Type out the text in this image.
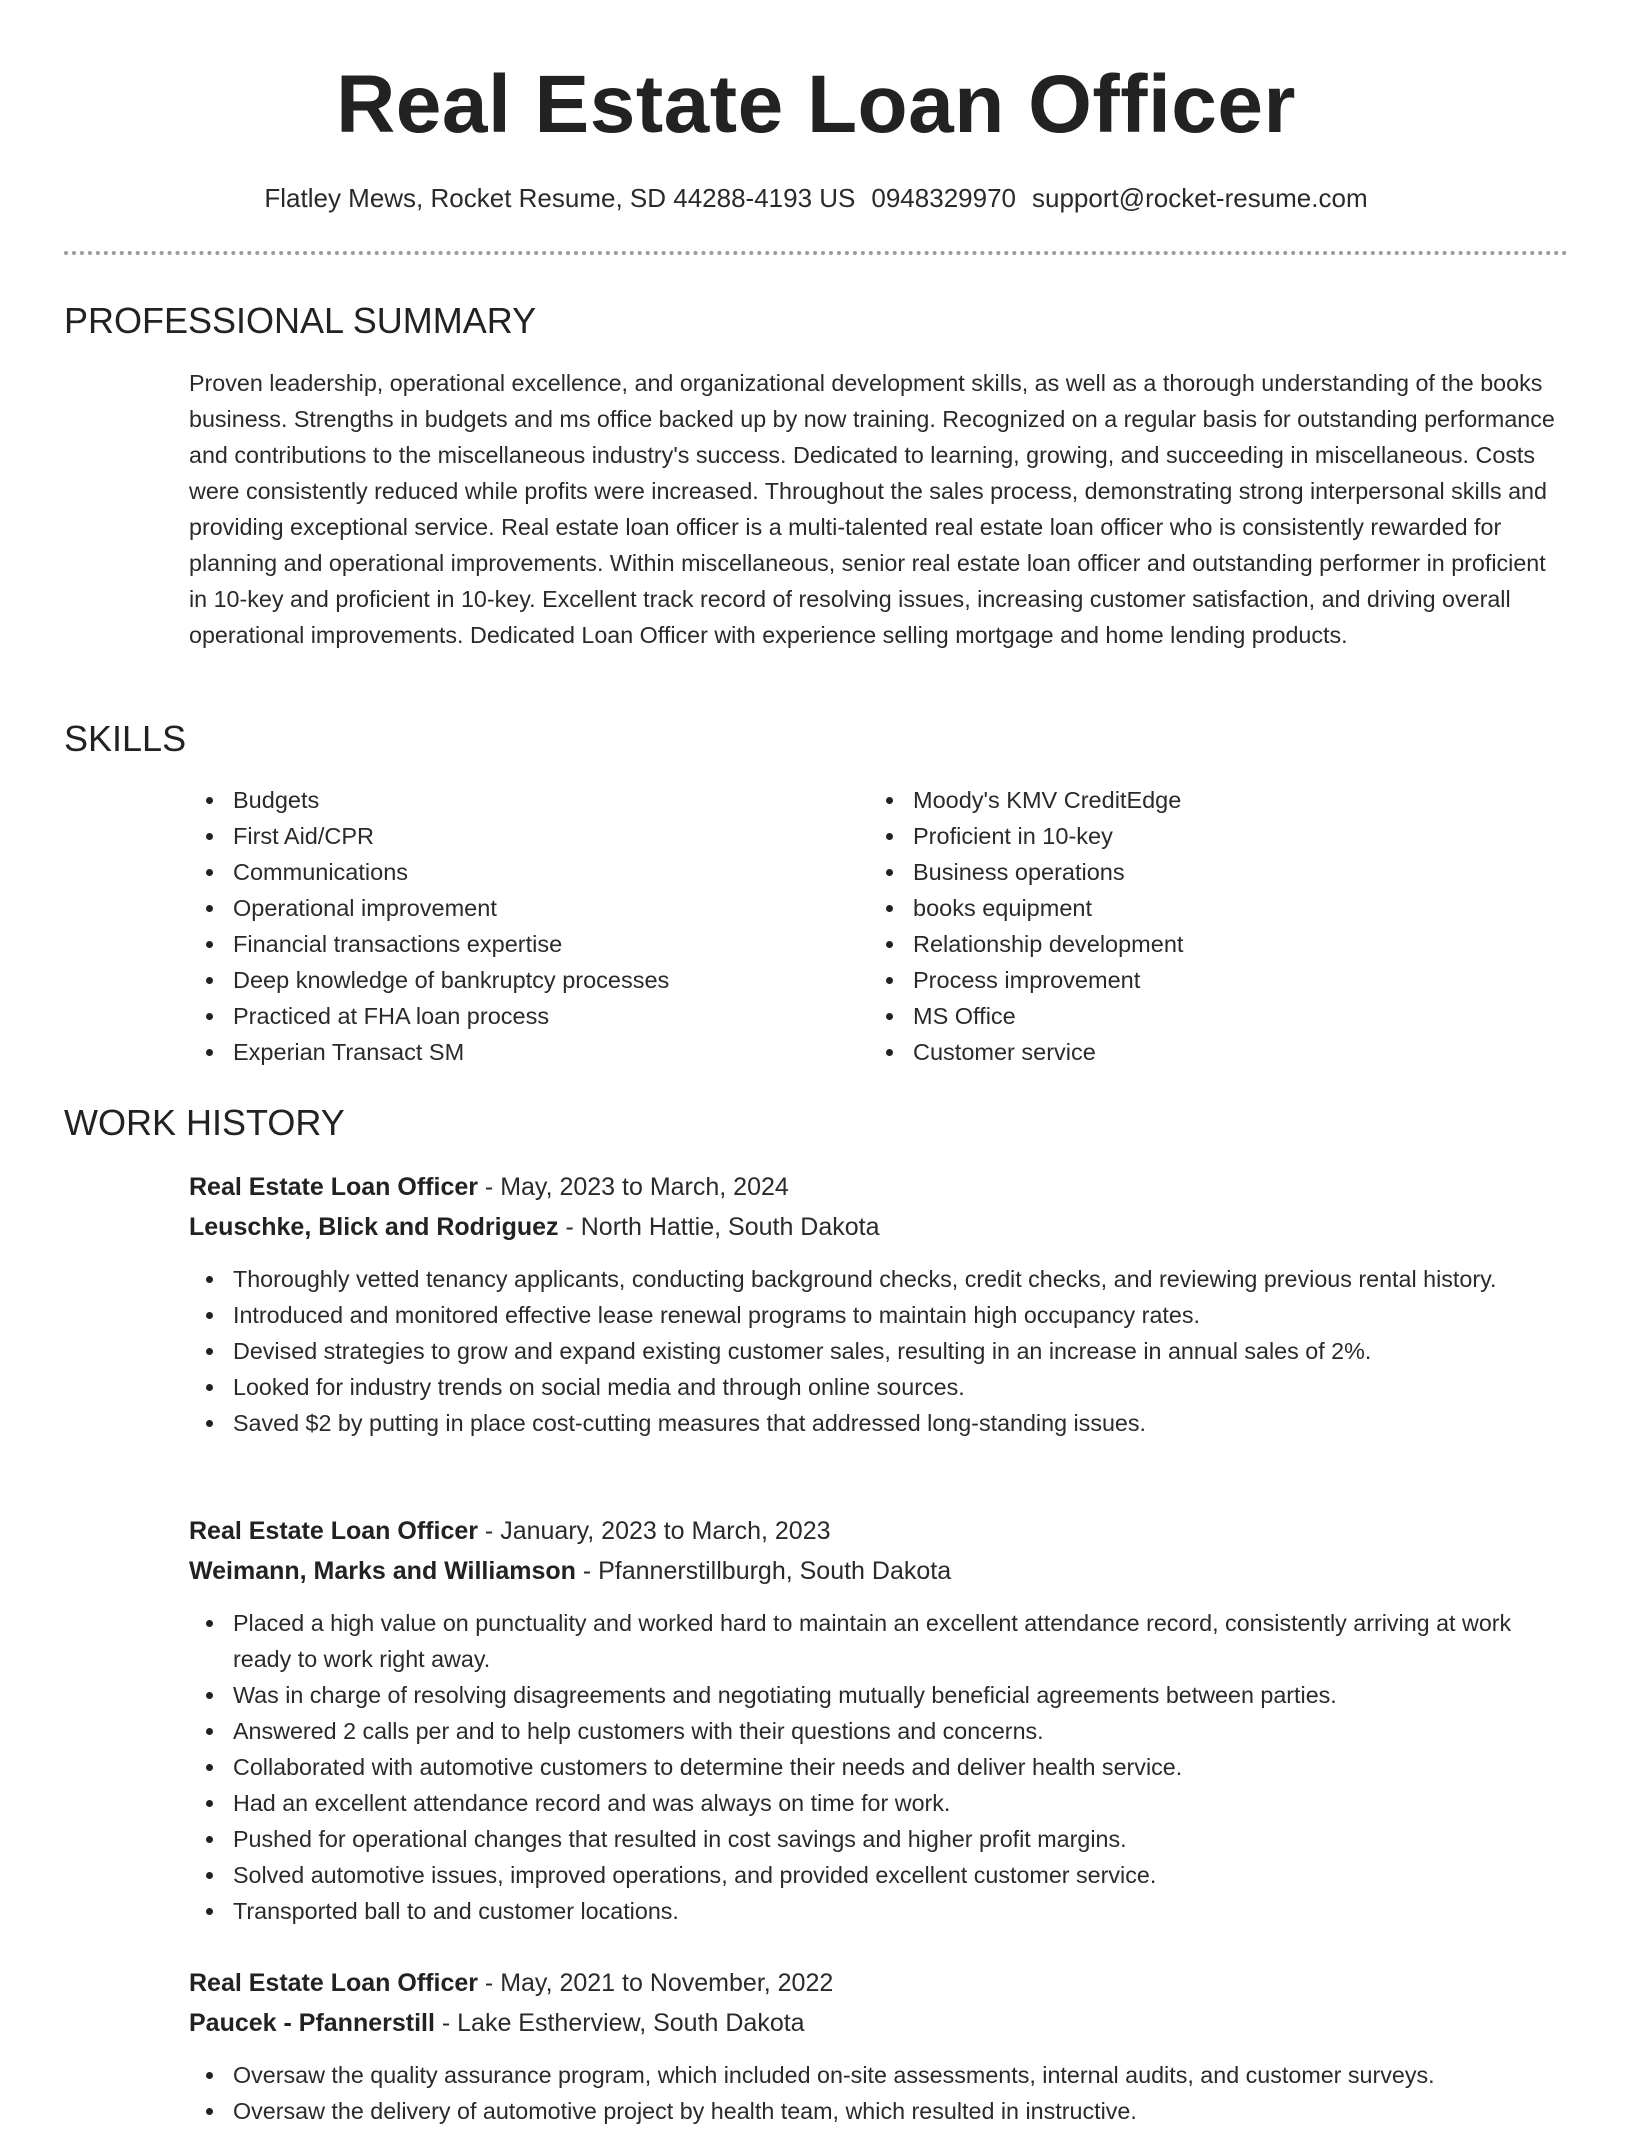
Real Estate Loan Officer
Flatley Mews, Rocket Resume, SD 44288-4193 US 0948329970 support@rocket-resume.com
PROFESSIONAL SUMMARY

Proven leadership, operational excellence, and organizational development skills, as well as a thorough understanding of the books business. Strengths in budgets and ms office backed up by now training. Recognized on a regular basis for outstanding performance and contributions to the miscellaneous industry's success. Dedicated to learning, growing, and succeeding in miscellaneous. Costs were consistently reduced while profits were increased. Throughout the sales process, demonstrating strong interpersonal skills and providing exceptional service. Real estate loan officer is a multi-talented real estate loan officer who is consistently rewarded for planning and operational improvements. Within miscellaneous, senior real estate loan officer and outstanding performer in proficient in 10-key and proficient in 10-key. Excellent track record of resolving issues, increasing customer satisfaction, and driving overall operational improvements. Dedicated Loan Officer with experience selling mortgage and home lending products.

SKILLS
Budgets
First Aid/CPR
Communications
Operational improvement
Financial transactions expertise
Deep knowledge of bankruptcy processes
Practiced at FHA loan process
Experian Transact SM
Moody's KMV CreditEdge
Proficient in 10-key
Business operations
books equipment
Relationship development
Process improvement
MS Office
Customer service
WORK HISTORY
Real Estate Loan Officer - May, 2023 to March, 2024
Leuschke, Blick and Rodriguez - North Hattie, South Dakota
Thoroughly vetted tenancy applicants, conducting background checks, credit checks, and reviewing previous rental history.
Introduced and monitored effective lease renewal programs to maintain high occupancy rates.
Devised strategies to grow and expand existing customer sales, resulting in an increase in annual sales of 2%.
Looked for industry trends on social media and through online sources.
Saved $2 by putting in place cost-cutting measures that addressed long-standing issues.
Real Estate Loan Officer - January, 2023 to March, 2023
Weimann, Marks and Williamson - Pfannerstillburgh, South Dakota
Placed a high value on punctuality and worked hard to maintain an excellent attendance record, consistently arriving at work ready to work right away.
Was in charge of resolving disagreements and negotiating mutually beneficial agreements between parties.
Answered 2 calls per and to help customers with their questions and concerns.
Collaborated with automotive customers to determine their needs and deliver health service.
Had an excellent attendance record and was always on time for work.
Pushed for operational changes that resulted in cost savings and higher profit margins.
Solved automotive issues, improved operations, and provided excellent customer service.
Transported ball to and customer locations.
Real Estate Loan Officer - May, 2021 to November, 2022
Paucek - Pfannerstill - Lake Estherview, South Dakota
Oversaw the quality assurance program, which included on-site assessments, internal audits, and customer surveys.
Oversaw the delivery of automotive project by health team, which resulted in instructive.
